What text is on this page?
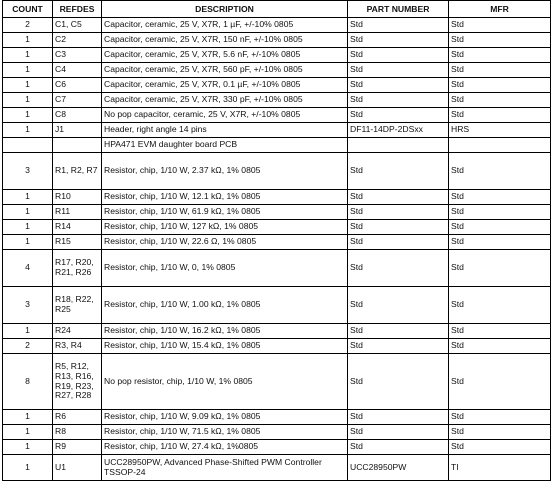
COUNT	REFDES	DESCRIPTION	PART NUMBER	MFR
2	C1, C5	Capacitor, ceramic, 25 V, X7R, 1 µF, +/-10% 0805	Std	Std
1	C2	Capacitor, ceramic, 25 V, X7R, 150 nF, +/-10% 0805	Std	Std
1	C3	Capacitor, ceramic, 25 V, X7R, 5.6 nF, +/-10% 0805	Std	Std
1	C4	Capacitor, ceramic, 25 V, X7R, 560 pF, +/-10% 0805	Std	Std
1	C6	Capacitor, ceramic, 25 V, X7R, 0.1 µF, +/-10% 0805	Std	Std
1	C7	Capacitor, ceramic, 25 V, X7R, 330 pF, +/-10% 0805	Std	Std
1	C8	No pop capacitor, ceramic, 25 V, X7R, +/-10% 0805	Std	Std
1	J1	Header, right angle 14 pins	DF11-14DP-2DSxx	HRS
		HPA471 EVM daughter board PCB		
3	R1, R2, R7	Resistor, chip, 1/10 W, 2.37 kΩ, 1% 0805	Std	Std
1	R10	Resistor, chip, 1/10 W, 12.1 kΩ, 1% 0805	Std	Std
1	R11	Resistor, chip, 1/10 W, 61.9 kΩ, 1% 0805	Std	Std
1	R14	Resistor, chip, 1/10 W, 127 kΩ, 1% 0805	Std	Std
1	R15	Resistor, chip, 1/10 W, 22.6 Ω, 1% 0805	Std	Std
4	R17, R20, R21, R26	Resistor, chip, 1/10 W, 0, 1% 0805	Std	Std
3	R18, R22, R25	Resistor, chip, 1/10 W, 1.00 kΩ, 1% 0805	Std	Std
1	R24	Resistor, chip, 1/10 W, 16.2 kΩ, 1% 0805	Std	Std
2	R3, R4	Resistor, chip, 1/10 W, 15.4 kΩ, 1% 0805	Std	Std
8	R5, R12, R13, R16, R19, R23, R27, R28	No pop resistor, chip, 1/10 W, 1% 0805	Std	Std
1	R6	Resistor, chip, 1/10 W, 9.09 kΩ, 1% 0805	Std	Std
1	R8	Resistor, chip, 1/10 W, 71.5 kΩ, 1% 0805	Std	Std
1	R9	Resistor, chip, 1/10 W, 27.4 kΩ, 1%0805	Std	Std
1	U1	UCC28950PW, Advanced Phase-Shifted PWM Controller TSSOP-24	UCC28950PW	TI
